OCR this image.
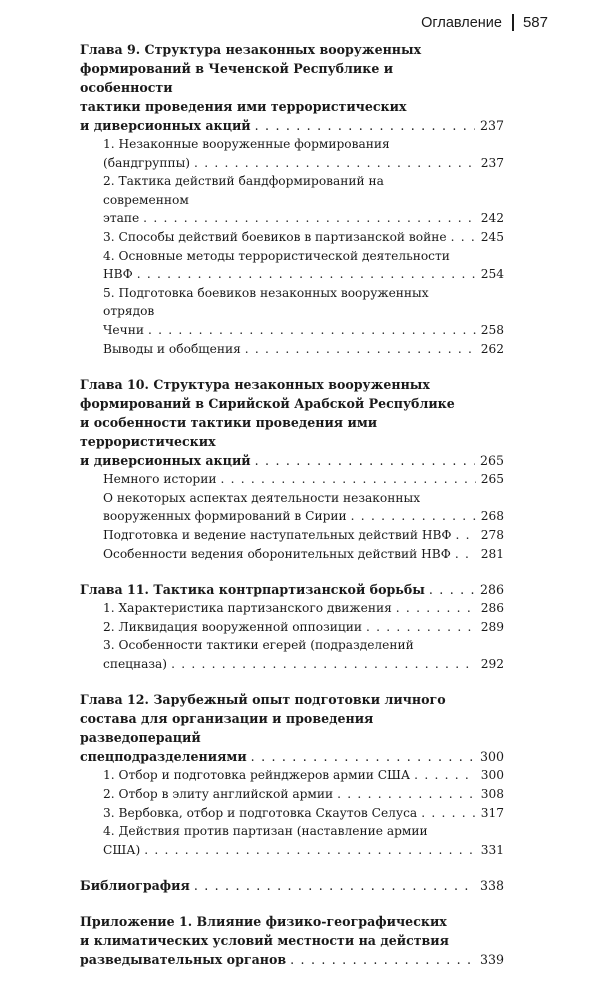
Оглавление 587
Глава 9. Структура незаконных вооруженных
формирований в Чеченской Республике и особенности
тактики проведения ими террористических
и диверсионных акций . . .	237
1. Незаконные вооруженные формирования (бандгруппы) . . .	237
2. Тактика действий бандформирований на современном
этапе . . .	242
3. Способы действий боевиков в партизанской войне . . .	245
4. Основные методы террористической деятельности НВФ . . .	254
5. Подготовка боевиков незаконных вооруженных отрядов
Чечни . . .	258
Выводы и обобщения . . .	262
Глава 10. Структура незаконных вооруженных
формирований в Сирийской Арабской Республике
и особенности тактики проведения ими террористических
и диверсионных акций . . .	265
Немного истории . . .	265
О некоторых аспектах деятельности незаконных
вооруженных формирований в Сирии . . .	268
Подготовка и ведение наступательных действий НВФ . . .	278
Особенности ведения оборонительных действий НВФ . . .	281
Глава 11. Тактика контрпартизанской борьбы . . .	286
1. Характеристика партизанского движения . . .	286
2. Ликвидация вооруженной оппозиции . . .	289
3. Особенности тактики егерей (подразделений спецназа) . . .	292
Глава 12. Зарубежный опыт подготовки личного
состава для организации и проведения разведопераций
спецподразделениями . . .	300
1. Отбор и подготовка рейнджеров армии США . . .	300
2. Отбор в элиту английской армии . . .	308
3. Вербовка, отбор и подготовка Скаутов Селуса . . .	317
4. Действия против партизан (наставление армии США) . . .	331
Библиография . . .	338
Приложение 1. Влияние физико-географических
и климатических условий местности на действия
разведывательных органов . . .	339
